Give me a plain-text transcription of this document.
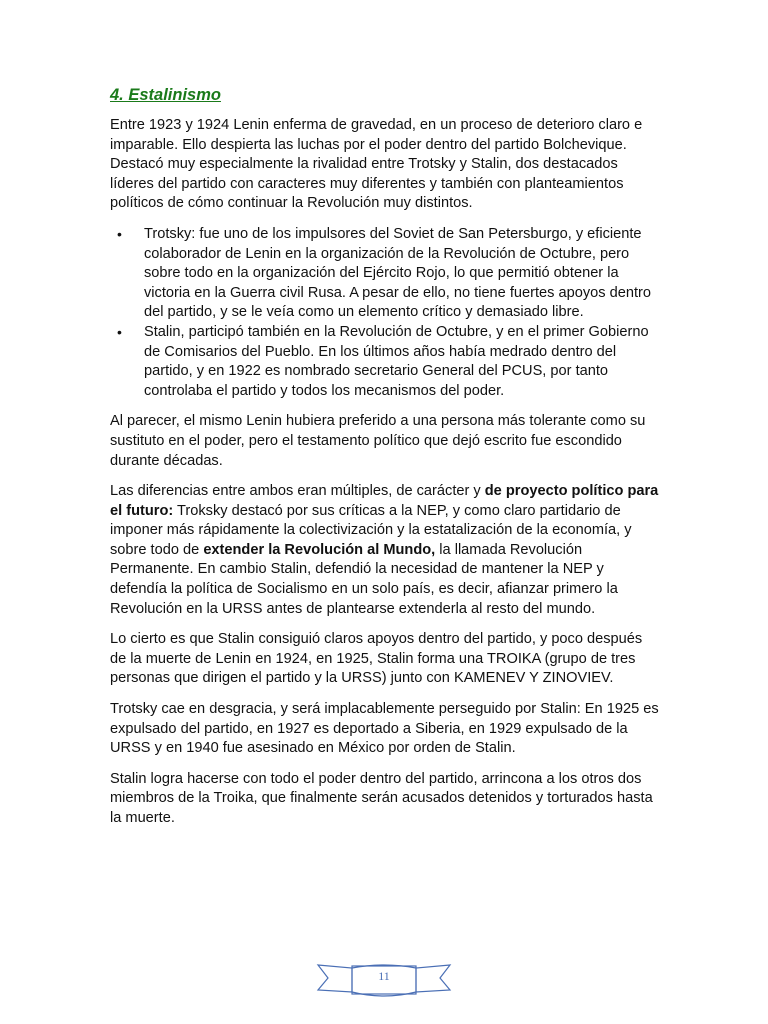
4. Estalinismo

Entre 1923 y 1924 Lenin enferma de gravedad, en un proceso de deterioro claro e imparable. Ello despierta las luchas por el poder dentro del partido Bolchevique. Destacó muy especialmente la rivalidad entre Trotsky y Stalin, dos destacados líderes del partido con caracteres muy diferentes y también con planteamientos políticos de cómo continuar la Revolución muy distintos.

• Trotsky: fue uno de los impulsores del Soviet de San Petersburgo, y eficiente colaborador de Lenin en la organización de la Revolución de Octubre, pero sobre todo en la organización del Ejército Rojo, lo que permitió obtener la victoria en la Guerra civil Rusa. A pesar de ello, no tiene fuertes apoyos dentro del partido, y se le veía como un elemento crítico y demasiado libre.
• Stalin, participó también en la Revolución de Octubre, y en el primer Gobierno de Comisarios del Pueblo. En los últimos años había medrado dentro del partido, y en 1922 es nombrado secretario General del PCUS, por tanto controlaba el partido y todos los mecanismos del poder.

Al parecer, el mismo Lenin hubiera preferido a una persona más tolerante como su sustituto en el poder, pero el testamento político que dejó escrito fue escondido durante décadas.

Las diferencias entre ambos eran múltiples, de carácter y de proyecto político para el futuro: Troksky destacó por sus críticas a la NEP, y como claro partidario de imponer más rápidamente la colectivización y la estatalización de la economía, y sobre todo de extender la Revolución al Mundo, la llamada Revolución Permanente. En cambio Stalin, defendió la necesidad de mantener la NEP y defendía la política de Socialismo en un solo país, es decir, afianzar primero la Revolución en la URSS antes de plantearse extenderla al resto del mundo.

Lo cierto es que Stalin consiguió claros apoyos dentro del partido, y poco después de la muerte de Lenin en 1924, en 1925, Stalin forma una TROIKA (grupo de tres personas que dirigen el partido y la URSS) junto con KAMENEV Y ZINOVIEV.

Trotsky cae en desgracia, y será implacablemente perseguido por Stalin: En 1925 es expulsado del partido, en 1927 es deportado a Siberia, en 1929 expulsado de la URSS y en 1940 fue asesinado en México por orden de Stalin.

Stalin logra hacerse con todo el poder dentro del partido, arrincona a los otros dos miembros de la Troika, que finalmente serán acusados detenidos y torturados hasta la muerte.

11
